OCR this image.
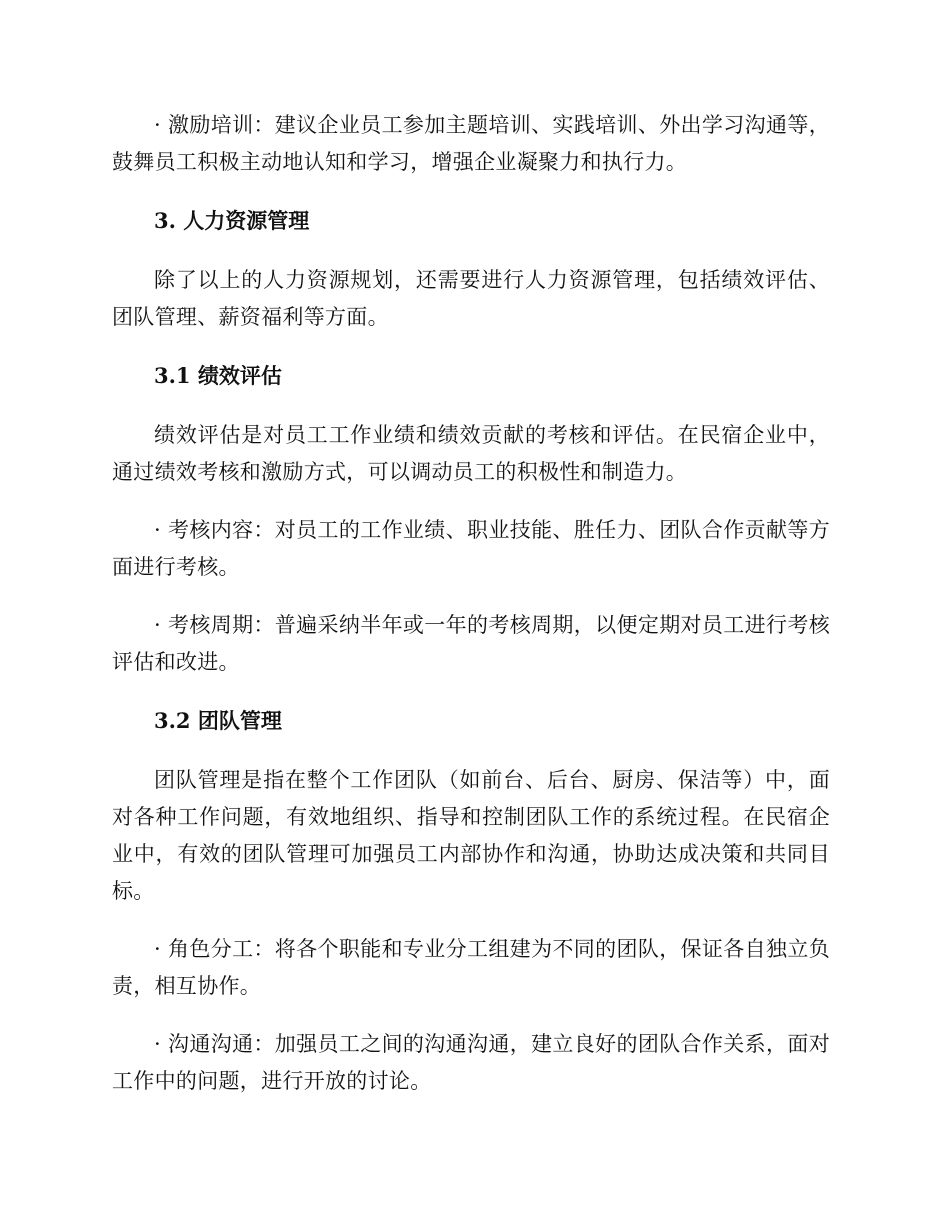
· 激励培训：建议企业员工参加主题培训、实践培训、外出学习沟通等，鼓舞员工积极主动地认知和学习，增强企业凝聚力和执行力。

3. 人力资源管理

除了以上的人力资源规划，还需要进行人力资源管理，包括绩效评估、团队管理、薪资福利等方面。

3.1 绩效评估

绩效评估是对员工工作业绩和绩效贡献的考核和评估。在民宿企业中，通过绩效考核和激励方式，可以调动员工的积极性和制造力。

· 考核内容：对员工的工作业绩、职业技能、胜任力、团队合作贡献等方面进行考核。

· 考核周期：普遍采纳半年或一年的考核周期，以便定期对员工进行考核评估和改进。

3.2 团队管理

团队管理是指在整个工作团队（如前台、后台、厨房、保洁等）中，面对各种工作问题，有效地组织、指导和控制团队工作的系统过程。在民宿企业中，有效的团队管理可加强员工内部协作和沟通，协助达成决策和共同目标。

· 角色分工：将各个职能和专业分工组建为不同的团队，保证各自独立负责，相互协作。

· 沟通沟通：加强员工之间的沟通沟通，建立良好的团队合作关系，面对工作中的问题，进行开放的讨论。
